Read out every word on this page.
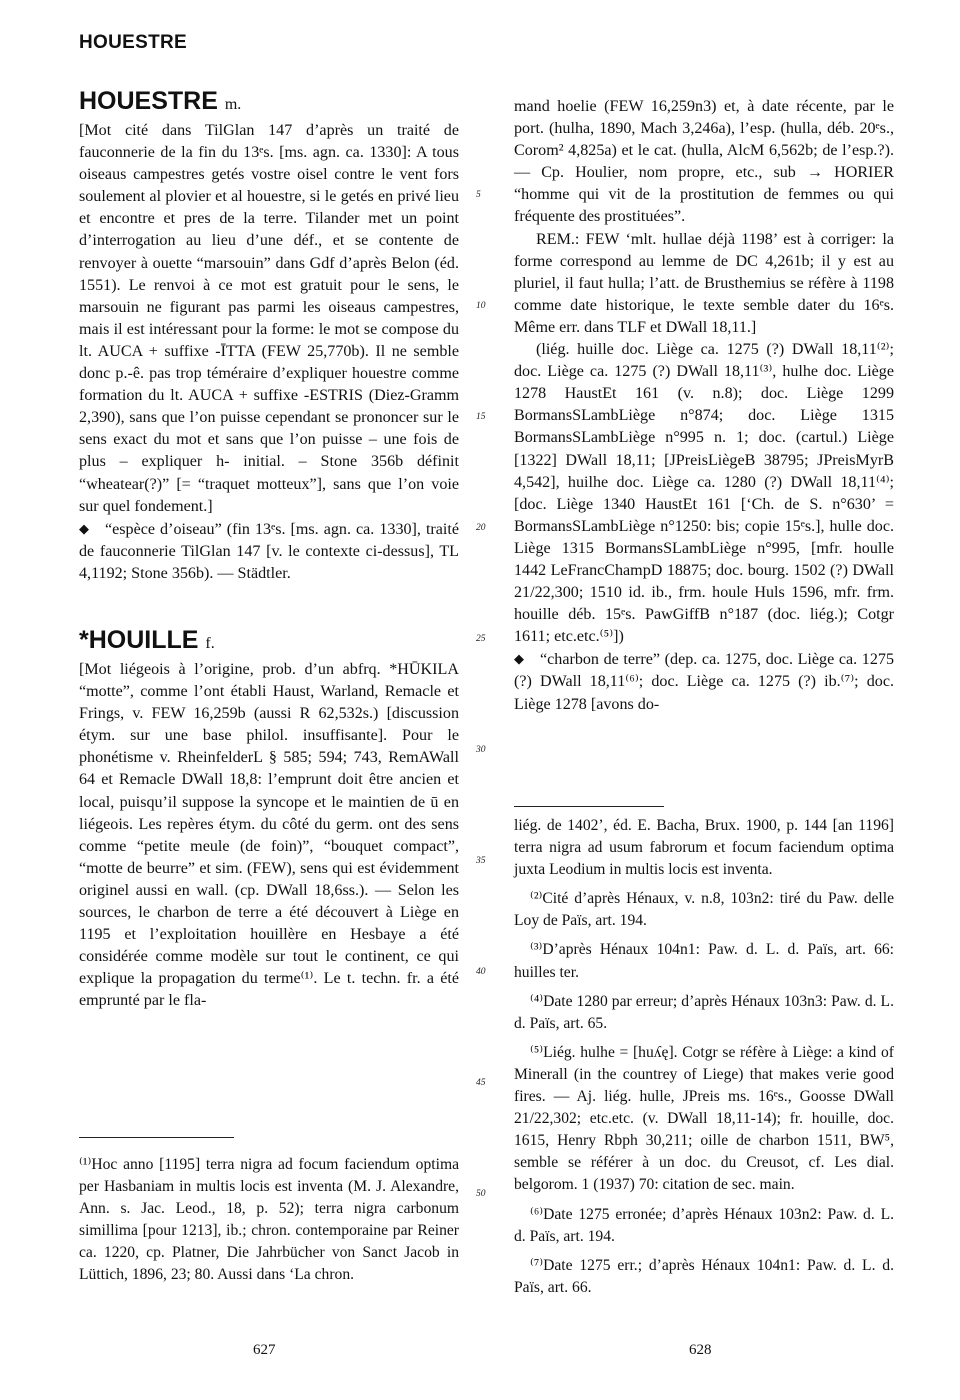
HOUESTRE
HOUESTRE m.

[Mot cité dans TilGlan 147 d’après un traité de fauconnerie de la fin du 13ᵉs. [ms. agn. ca. 1330]: A tous oiseaus campestres getés vostre oisel contre le vent fors soulement al plovier et al houestre, si le getés en privé lieu et encontre et pres de la terre. Tilander met un point d’interrogation au lieu d’une déf., et se contente de renvoyer à ouette “marsouin” dans Gdf d’après Belon (éd. 1551). Le renvoi à ce mot est gratuit pour le sens, le marsouin ne figurant pas parmi les oiseaus campestres, mais il est intéressant pour la forme: le mot se compose du lt. AUCA + suffixe -ĪTTA (FEW 25,770b). Il ne semble donc p.-ê. pas trop téméraire d’expliquer houestre comme formation du lt. AUCA + suffixe -ESTRIS (Diez-Gramm 2,390), sans que l’on puisse cependant se prononcer sur le sens exact du mot et sans que l’on puisse – une fois de plus – expliquer h- initial. – Stone 356b définit “wheatear(?)” [= “traquet motteux”], sans que l’on voie sur quel fondement.]

◆ “espèce d’oiseau” (fin 13ᵉs. [ms. agn. ca. 1330], traité de fauconnerie TilGlan 147 [v. le contexte ci-dessus], TL 4,1192; Stone 356b). — Städtler.

*HOUILLE f.

[Mot liégeois à l’origine, prob. d’un abfrq. *HŪKILA “motte”, comme l’ont établi Haust, Warland, Remacle et Frings, v. FEW 16,259b (aussi R 62,532s.) [discussion étym. sur une base philol. insuffisante]. Pour le phonétisme v. RheinfelderL § 585; 594; 743, RemAWall 64 et Remacle DWall 18,8: l’emprunt doit être ancien et local, puisqu’il suppose la syncope et le maintien de ū en liégeois. Les repères étym. du côté du germ. ont des sens comme “petite meule (de foin)”, “bouquet compact”, “motte de beurre” et sim. (FEW), sens qui est évidemment originel aussi en wall. (cp. DWall 18,6ss.). — Selon les sources, le charbon de terre a été découvert à Liège en 1195 et l’exploitation houillère en Hesbaye a été considérée comme modèle sur tout le continent, ce qui explique la propagation du terme⁽¹⁾. Le t. techn. fr. a été emprunté par le fla-

⁽¹⁾Hoc anno [1195] terra nigra ad focum faciendum optima per Hasbaniam in multis locis est inventa (M. J. Alexandre, Ann. s. Jac. Leod., 18, p. 52); terra nigra carbonum simillima [pour 1213], ib.; chron. contemporaine par Reiner ca. 1220, cp. Platner, Die Jahrbücher von Sanct Jacob in Lüttich, 1896, 23; 80. Aussi dans ‘La chron.

5
10
15
20
25
30
35
40
45
50

mand hoelie (FEW 16,259n3) et, à date récente, par le port. (hulha, 1890, Mach 3,246a), l’esp. (hulla, déb. 20ᵉs., Corom² 4,825a) et le cat. (hulla, AlcM 6,562b; de l’esp.?). — Cp. Houlier, nom propre, etc., sub → HORIER “homme qui vit de la prostitution de femmes ou qui fréquente des prostituées”.

REM.: FEW ‘mlt. hullae déjà 1198’ est à corriger: la forme correspond au lemme de DC 4,261b; il y est au pluriel, il faut hulla; l’att. de Brusthemius se réfère à 1198 comme date historique, le texte semble dater du 16ᵉs. Même err. dans TLF et DWall 18,11.]

(liég. huille doc. Liège ca. 1275 (?) DWall 18,11⁽²⁾; doc. Liège ca. 1275 (?) DWall 18,11⁽³⁾, hulhe doc. Liège 1278 HaustEt 161 (v. n.8); doc. Liège 1299 BormansSLambLiège n°874; doc. Liège 1315 BormansSLambLiège n°995 n. 1; doc. (cartul.) Liège [1322] DWall 18,11; [JPreisLiègeB 38795; JPreisMyrB 4,542], huilhe doc. Liège ca. 1280 (?) DWall 18,11⁽⁴⁾; [doc. Liège 1340 HaustEt 161 [‘Ch. de S. n°630’ = BormansSLambLiège n°1250: bis; copie 15ᵉs.], hulle doc. Liège 1315 BormansSLambLiège n°995, [mfr. houlle 1442 LeFrancChampD 18875; doc. bourg. 1502 (?) DWall 21/22,300; 1510 id. ib., frm. houle Huls 1596, mfr. frm. houille déb. 15ᵉs. PawGiffB n°187 (doc. liég.); Cotgr 1611; etc.etc.⁽⁵⁾])

◆ “charbon de terre” (dep. ca. 1275, doc. Liège ca. 1275 (?) DWall 18,11⁽⁶⁾; doc. Liège ca. 1275 (?) ib.⁽⁷⁾; doc. Liège 1278 [avons do-

liég. de 1402’, éd. E. Bacha, Brux. 1900, p. 144 [an 1196] terra nigra ad usum fabrorum et focum faciendum optima juxta Leodium in multis locis est inventa.

⁽²⁾Cité d’après Hénaux, v. n.8, 103n2: tiré du Paw. delle Loy de Païs, art. 194.

⁽³⁾D’après Hénaux 104n1: Paw. d. L. d. Païs, art. 66: huilles ter.

⁽⁴⁾Date 1280 par erreur; d’après Hénaux 103n3: Paw. d. L. d. Païs, art. 65.

⁽⁵⁾Liég. hulhe = [huʎę]. Cotgr se réfère à Liège: a kind of Minerall (in the countrey of Liege) that makes verie good fires. — Aj. liég. hulle, JPreis ms. 16ᵉs., Goosse DWall 21/22,302; etc.etc. (v. DWall 18,11-14); fr. houille, doc. 1615, Henry Rbph 30,211; oille de charbon 1511, BW⁵, semble se référer à un doc. du Creusot, cf. Les dial. belgorom. 1 (1937) 70: citation de sec. main.

⁽⁶⁾Date 1275 erronée; d’après Hénaux 103n2: Paw. d. L. d. Païs, art. 194.

⁽⁷⁾Date 1275 err.; d’après Hénaux 104n1: Paw. d. L. d. Païs, art. 66.

627	628
